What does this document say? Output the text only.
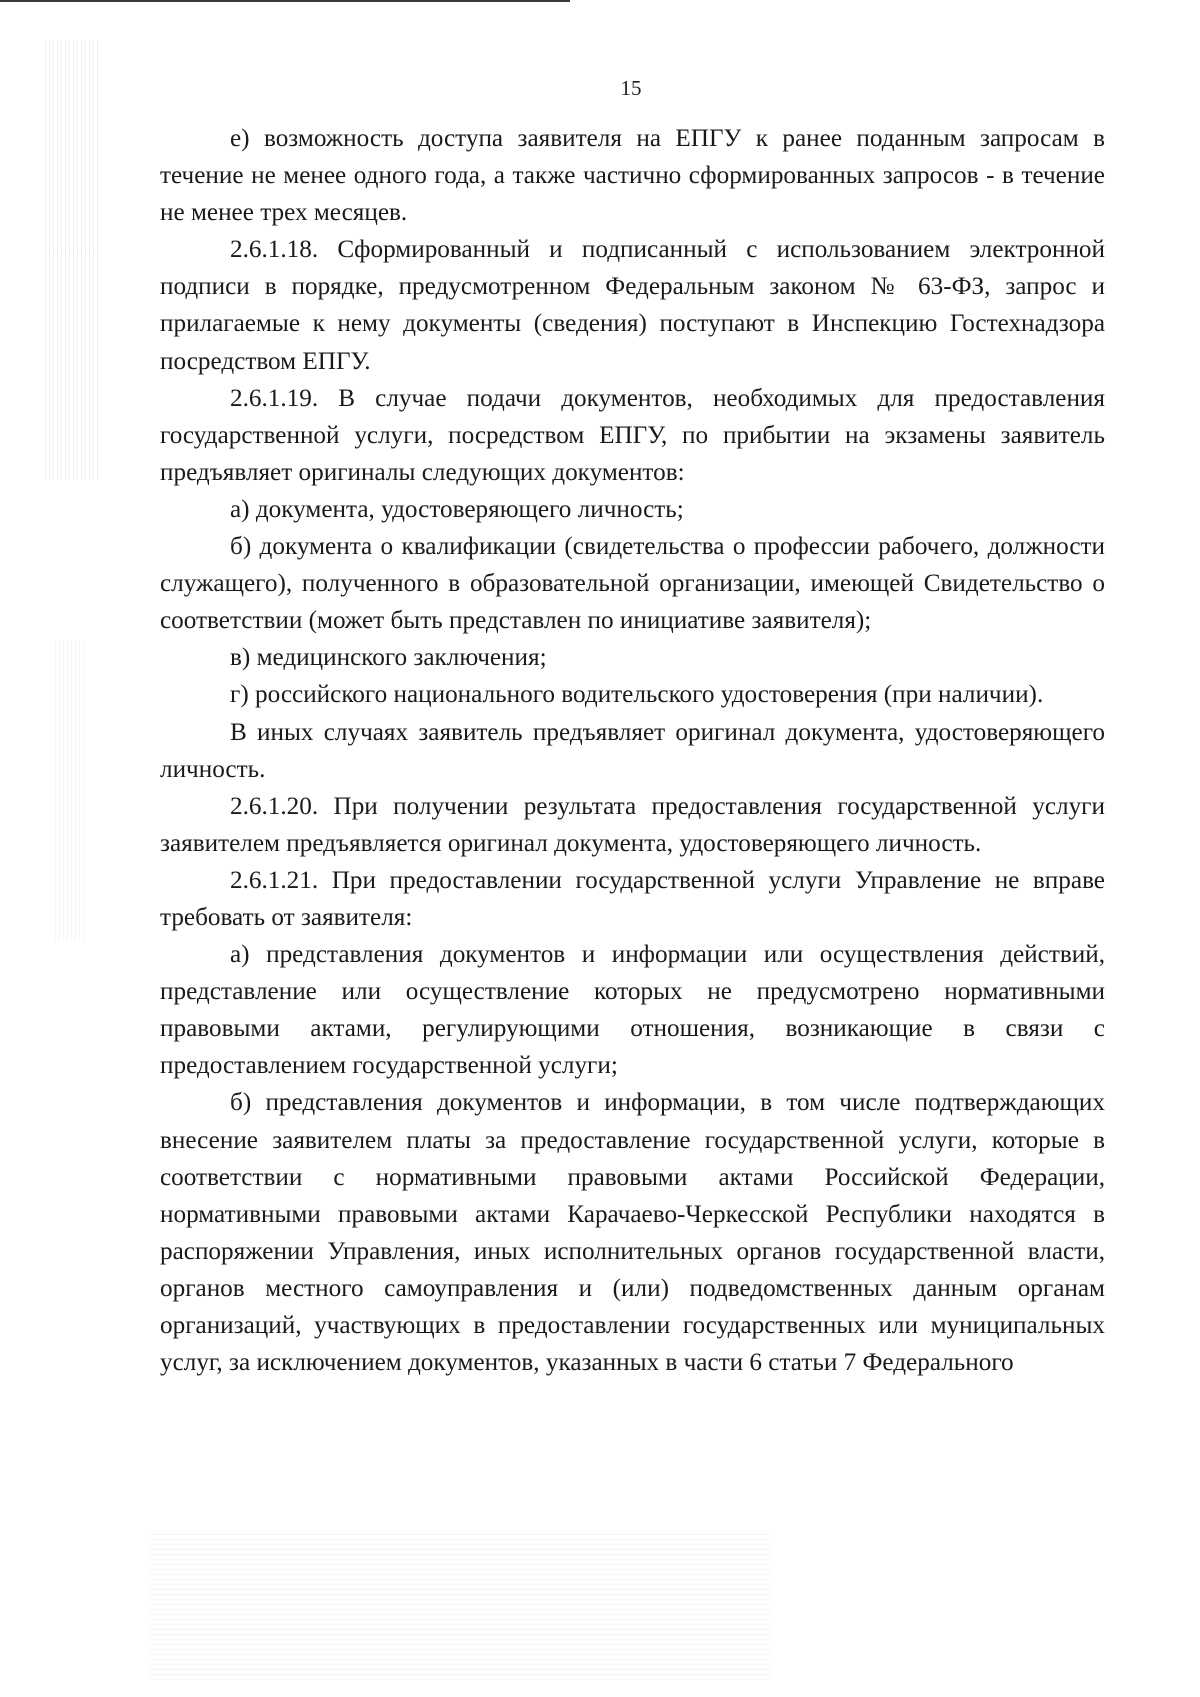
15

е) возможность доступа заявителя на ЕПГУ к ранее поданным запросам в течение не менее одного года, а также частично сформированных запросов - в течение не менее трех месяцев.

2.6.1.18. Сформированный и подписанный с использованием электронной подписи в порядке, предусмотренном Федеральным законом № 63-ФЗ, запрос и прилагаемые к нему документы (сведения) поступают в Инспекцию Гостехнадзора посредством ЕПГУ.

2.6.1.19. В случае подачи документов, необходимых для предоставления государственной услуги, посредством ЕПГУ, по прибытии на экзамены заявитель предъявляет оригиналы следующих документов:

а) документа, удостоверяющего личность;

б) документа о квалификации (свидетельства о профессии рабочего, должности служащего), полученного в образовательной организации, имеющей Свидетельство о соответствии (может быть представлен по инициативе заявителя);

в) медицинского заключения;

г) российского национального водительского удостоверения (при наличии).

В иных случаях заявитель предъявляет оригинал документа, удостоверяющего личность.

2.6.1.20. При получении результата предоставления государственной услуги заявителем предъявляется оригинал документа, удостоверяющего личность.

2.6.1.21. При предоставлении государственной услуги Управление не вправе требовать от заявителя:

а) представления документов и информации или осуществления действий, представление или осуществление которых не предусмотрено нормативными правовыми актами, регулирующими отношения, возникающие в связи с предоставлением государственной услуги;

б) представления документов и информации, в том числе подтверждающих внесение заявителем платы за предоставление государственной услуги, которые в соответствии с нормативными правовыми актами Российской Федерации, нормативными правовыми актами Карачаево-Черкесской Республики находятся в распоряжении Управления, иных исполнительных органов государственной власти, органов местного самоуправления и (или) подведомственных данным органам организаций, участвующих в предоставлении государственных или муниципальных услуг, за исключением документов, указанных в части 6 статьи 7 Федерального
